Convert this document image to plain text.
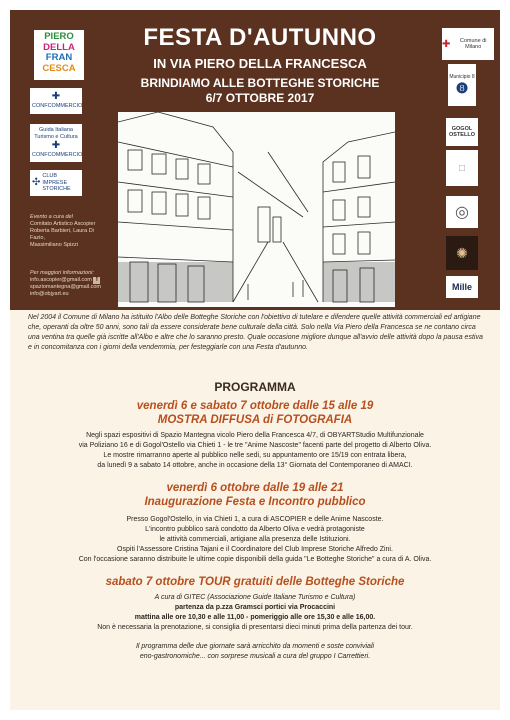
PIERO
DELLA
FRAN
CESCA
✚
CONFCOMMERCIO
Guida Italiana
Turismo e Cultura
✚
CONFCOMMERCIO
✣
CLUB IMPRESE STORICHE
Evento a cura del
Comitato Artistico Ascopier
Roberta Barbieri, Laura Di Fazio,
Massimiliano Spizzi
Per maggiori informazioni:
info.ascopier@gmail.com f
spaziomantegna@gmail.com
info@objyart.eu
FESTA D'AUTUNNO
IN VIA PIERO DELLA FRANCESCA
BRINDIAMO ALLE BOTTEGHE STORICHE
6/7 OTTOBRE 2017
✚	Comune di Milano
Municipio 8
❽
GOGOL OSTELLO
□
◎
✺
Mille
Nel 2004 il Comune di Milano ha istituito l'Albo delle Botteghe Storiche con l'obiettivo di tutelare e difendere quelle attività commerciali ed artigiane che, operanti da oltre 50 anni, sono tali da essere considerate bene culturale della città. Solo nella Via Piero della Francesca se ne contano circa una ventina tra quelle già iscritte all'Albo e altre che lo saranno presto. Quale occasione migliore dunque all'avvio delle attività dopo la pausa estiva e in concomitanza con i giorni della vendemmia, per festeggiarle con una Festa d'autunno.
PROGRAMMA
venerdì 6 e sabato 7 ottobre dalle 15 alle 19
MOSTRA DIFFUSA di FOTOGRAFIA
Negli spazi espositivi di Spazio Mantegna vicolo Piero della Francesca 4/7, di OBYARTStudio Multifunzionale
via Poliziano 16 e di Gogol'Ostello via Chieti 1 - le tre "Anime Nascoste" facenti parte del progetto di Alberto Oliva.
Le mostre rimarranno aperte al pubblico nelle sedi, su appuntamento ore 15/19 con entrata libera,
da lunedì 9 a sabato 14 ottobre, anche in occasione della 13° Giornata del Contemporaneo di AMACI.
venerdì 6 ottobre dalle 19 alle 21
Inaugurazione Festa e Incontro pubblico
Presso Gogol'Ostello, in via Chieti 1, a cura di ASCOPIER e delle Anime Nascoste.
L'incontro pubblico sarà condotto da Alberto Oliva e vedrà protagoniste
le attività commerciali, artigiane alla presenza delle Istituzioni.
Ospiti l'Assessore Cristina Tajani e il Coordinatore del Club Imprese Storiche Alfredo Zini.
Con l'occasione saranno distribuite le ultime copie disponibili della guida "Le Botteghe Storiche" a cura di A. Oliva.
sabato 7 ottobre TOUR gratuiti delle Botteghe Storiche
A cura di GITEC (Associazione Guide Italiane Turismo e Cultura)
partenza da p.zza Gramsci portici via Procaccini
mattina alle ore 10,30 e alle 11,00 - pomeriggio alle ore 15,30 e alle 16,00.
Non è necessaria la prenotazione, si consiglia di presentarsi dieci minuti prima della partenza dei tour.
Il programma delle due giornate sarà arricchito da momenti e soste conviviali
eno-gastronomiche... con sorprese musicali a cura del gruppo I Carrettieri.
